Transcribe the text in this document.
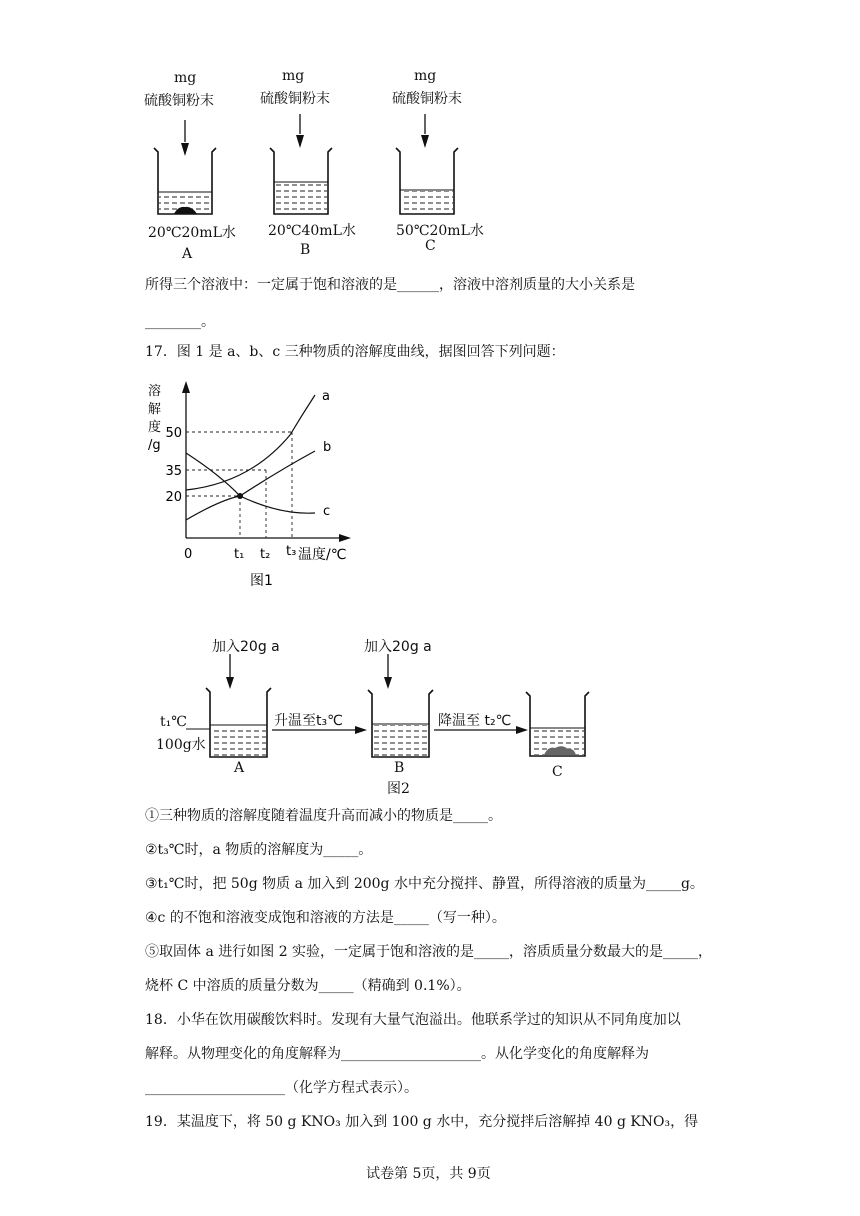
mg
硫酸铜粉末
20℃20mL水
A
mg
硫酸铜粉末
20℃40mL水
B
mg
硫酸铜粉末
50℃20mL水
C
所得三个溶液中：一定属于饱和溶液的是______，溶液中溶剂质量的大小关系是
________。
17．图 1 是 a、b、c 三种物质的溶解度曲线，据图回答下列问题：
a
b
c
溶
解
度
/g
50
35
20
0	t₁ t₂ t₃ 温度/℃
图1
加入20g a	加入20g a
t₁℃
100g水
升温至t₃℃	降温至 t₂℃
A	B	C
图2
①三种物质的溶解度随着温度升高而减小的物质是_____。
②t₃℃时，a 物质的溶解度为_____。
③t₁℃时，把 50g 物质 a 加入到 200g 水中充分搅拌、静置，所得溶液的质量为_____g。
④c 的不饱和溶液变成饱和溶液的方法是_____（写一种）。
⑤取固体 a 进行如图 2 实验，一定属于饱和溶液的是_____，溶质质量分数最大的是_____，
烧杯 C 中溶质的质量分数为_____（精确到 0.1%）。
18．小华在饮用碳酸饮料时。发现有大量气泡溢出。他联系学过的知识从不同角度加以
解释。从物理变化的角度解释为____________________。从化学变化的角度解释为
____________________（化学方程式表示）。
19．某温度下，将 50 g KNO₃ 加入到 100 g 水中，充分搅拌后溶解掉 40 g KNO₃，得
试卷第 5页，共 9页
